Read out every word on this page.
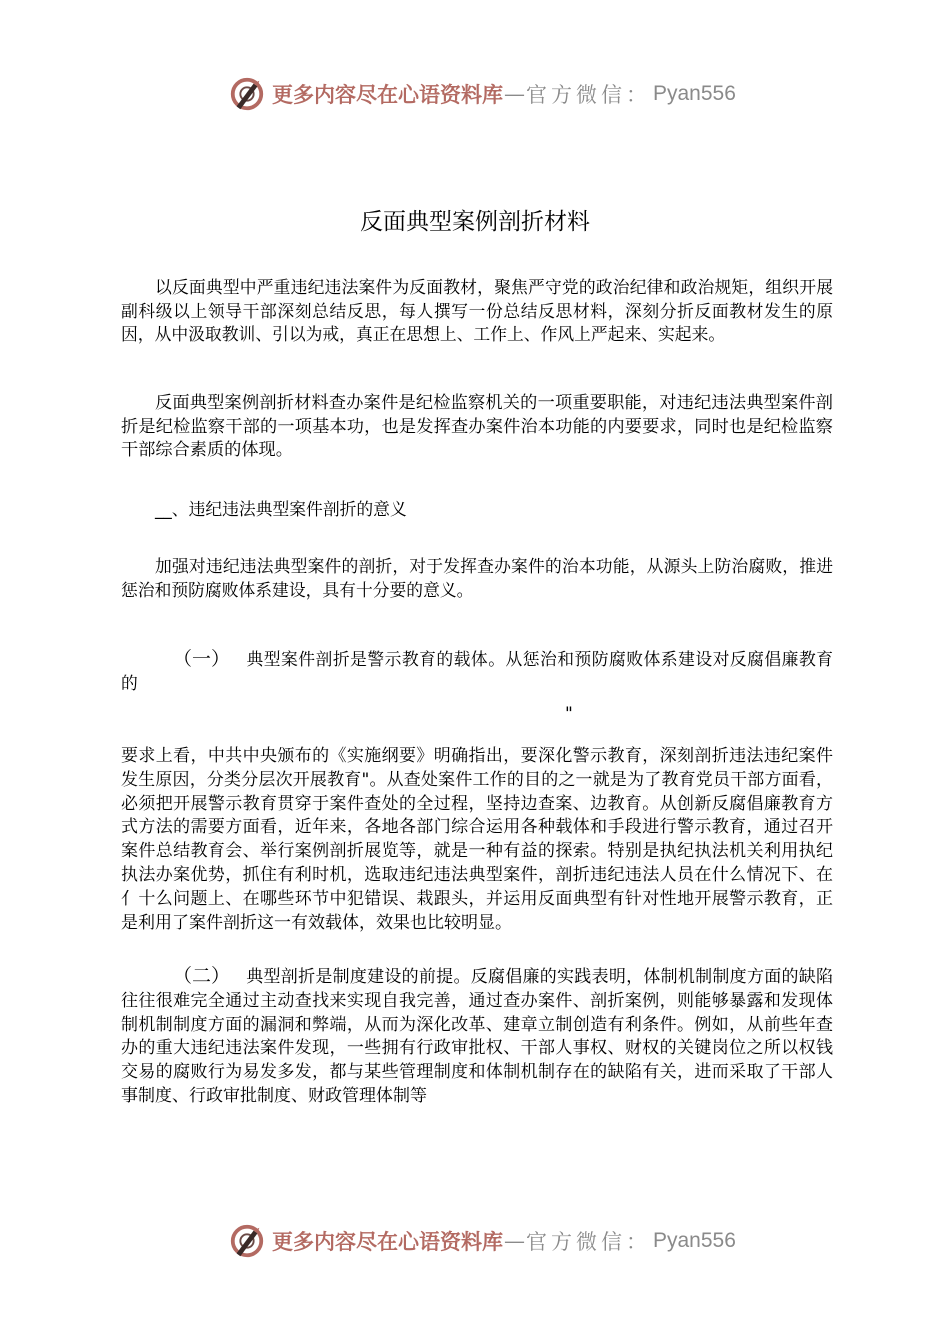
更多内容尽在心语资料库 — 官方微信： Pyan556
反面典型案例剖折材料

以反面典型中严重违纪违法案件为反面教材，聚焦严守党的政治纪律和政治规矩，组织开展副科级以上领导干部深刻总结反思，每人撰写一份总结反思材料，深刻分折反面教材发生的原因，从中汲取教训、引以为戒，真正在思想上、工作上、作风上严起来、实起来。

反面典型案例剖折材料查办案件是纪检监察机关的一项重要职能，对违纪违法典型案件剖折是纪检监察干部的一项基本功，也是发挥查办案件治本功能的内要要求，同时也是纪检监察干部综合素质的体现。

__、违纪违法典型案件剖折的意义

加强对违纪违法典型案件的剖折，对于发挥查办案件的治本功能，从源头上防治腐败，推进惩治和预防腐败体系建设，具有十分要的意义。

（一） 典型案件剖折是警示教育的载体。从惩治和预防腐败体系建设对反腐倡廉教育的

"

要求上看，中共中央颁布的《实施纲要》明确指出，要深化警示教育，深刻剖折违法违纪案件发生原因，分类分层次开展教育"。从查处案件工作的目的之一就是为了教育党员干部方面看，必须把开展警示教育贯穿于案件查处的全过程，坚持边查案、边教育。从创新反腐倡廉教育方式方法的需要方面看，近年来，各地各部门综合运用各种载体和手段进行警示教育，通过召开案件总结教育会、举行案例剖折展览等，就是一种有益的探索。特别是执纪执法机关利用执纪执法办案优势，抓住有利时机，选取违纪违法典型案件，剖折违纪违法人员在什么情况下、在亻十么问题上、在哪些环节中犯错误、栽跟头，并运用反面典型有针对性地开展警示教育，正是利用了案件剖折这一有效载体，效果也比较明显。

（二） 典型剖折是制度建设的前提。反腐倡廉的实践表明，体制机制制度方面的缺陷往往很难完全通过主动查找来实现自我完善，通过查办案件、剖折案例，则能够暴露和发现体制机制制度方面的漏洞和弊端，从而为深化改革、建章立制创造有利条件。例如，从前些年查办的重大违纪违法案件发现，一些拥有行政审批权、干部人事权、财权的关键岗位之所以权钱交易的腐败行为易发多发，都与某些管理制度和体制机制存在的缺陷有关，进而采取了干部人事制度、行政审批制度、财政管理体制等

更多内容尽在心语资料库 — 官方微信： Pyan556
